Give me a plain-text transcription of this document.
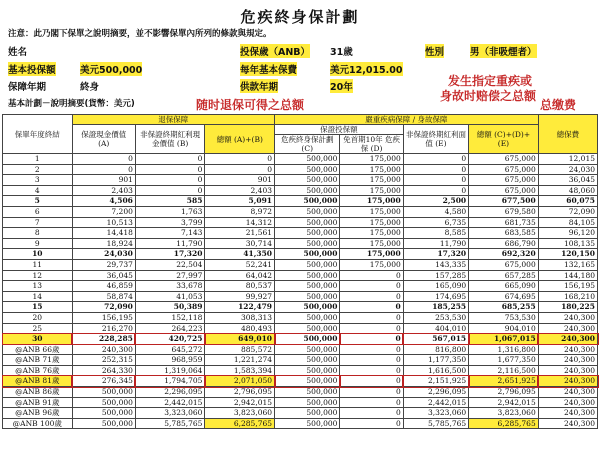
危疾終身保計劃
注意：此乃閣下保單之說明摘要，並不影響保單內所列的條款與規定。
姓名	投保歲（ANB） 31歲	性別	男（非吸煙者）
基本投保額	美元500,000	每年基本保費	美元12,015.00
保障年期	終身	供款年期	20年
基本計劃－說明摘要(貨幣：美元)	随时退保可得之总额
发生指定重疾或
身故时赔偿之总额
总缴费
保單年度終結	退保保障			嚴重疾病保障 / 身故保障				總保費
	保證現金價值 (A)	非保證終期紅利現金價值 (B)	總額 (A)+(B)	保證投保額		非保證終期紅利面值 (E)	總額 (C)+(D)+(E)	
				危疾終身保計劃 (C)	免首期10年 危疾保 (D)			
1	0	0	0	500,000	175,000	0	675,000	12,015
2	0	0	0	500,000	175,000	0	675,000	24,030
3	901	0	901	500,000	175,000	0	675,000	36,045
4	2,403	0	2,403	500,000	175,000	0	675,000	48,060
5	4,506	585	5,091	500,000	175,000	2,500	677,500	60,075
6	7,200	1,763	8,972	500,000	175,000	4,580	679,580	72,090
7	10,513	3,799	14,312	500,000	175,000	6,735	681,735	84,105
8	14,418	7,143	21,561	500,000	175,000	8,585	683,585	96,120
9	18,924	11,790	30,714	500,000	175,000	11,790	686,790	108,135
10	24,030	17,320	41,350	500,000	175,000	17,320	692,320	120,150
11	29,737	22,504	52,241	500,000	175,000	143,335	675,000	132,165
12	36,045	27,997	64,042	500,000	0	157,285	657,285	144,180
13	46,859	33,678	80,537	500,000	0	165,090	665,090	156,195
14	58,874	41,053	99,927	500,000	0	174,695	674,695	168,210
15	72,090	50,389	122,479	500,000	0	185,255	685,255	180,225
20	156,195	152,118	308,313	500,000	0	253,530	753,530	240,300
25	216,270	264,223	480,493	500,000	0	404,010	904,010	240,300
30	228,285	420,725	649,010	500,000	0	567,015	1,067,015	240,300
@ANB 66歲	240,300	645,272	885,572	500,000	0	816,800	1,316,800	240,300
@ANB 71歲	252,315	968,959	1,221,274	500,000	0	1,177,350	1,677,350	240,300
@ANB 76歲	264,330	1,319,064	1,583,394	500,000	0	1,616,500	2,116,500	240,300
@ANB 81歲	276,345	1,794,705	2,071,050	500,000	0	2,151,925	2,651,925	240,300
@ANB 86歲	500,000	2,296,095	2,796,095	500,000	0	2,296,095	2,796,095	240,300
@ANB 91歲	500,000	2,442,015	2,942,015	500,000	0	2,442,015	2,942,015	240,300
@ANB 96歲	500,000	3,323,060	3,823,060	500,000	0	3,323,060	3,823,060	240,300
@ANB 100歲	500,000	5,785,765	6,285,765	500,000	0	5,785,765	6,285,765	240,300
